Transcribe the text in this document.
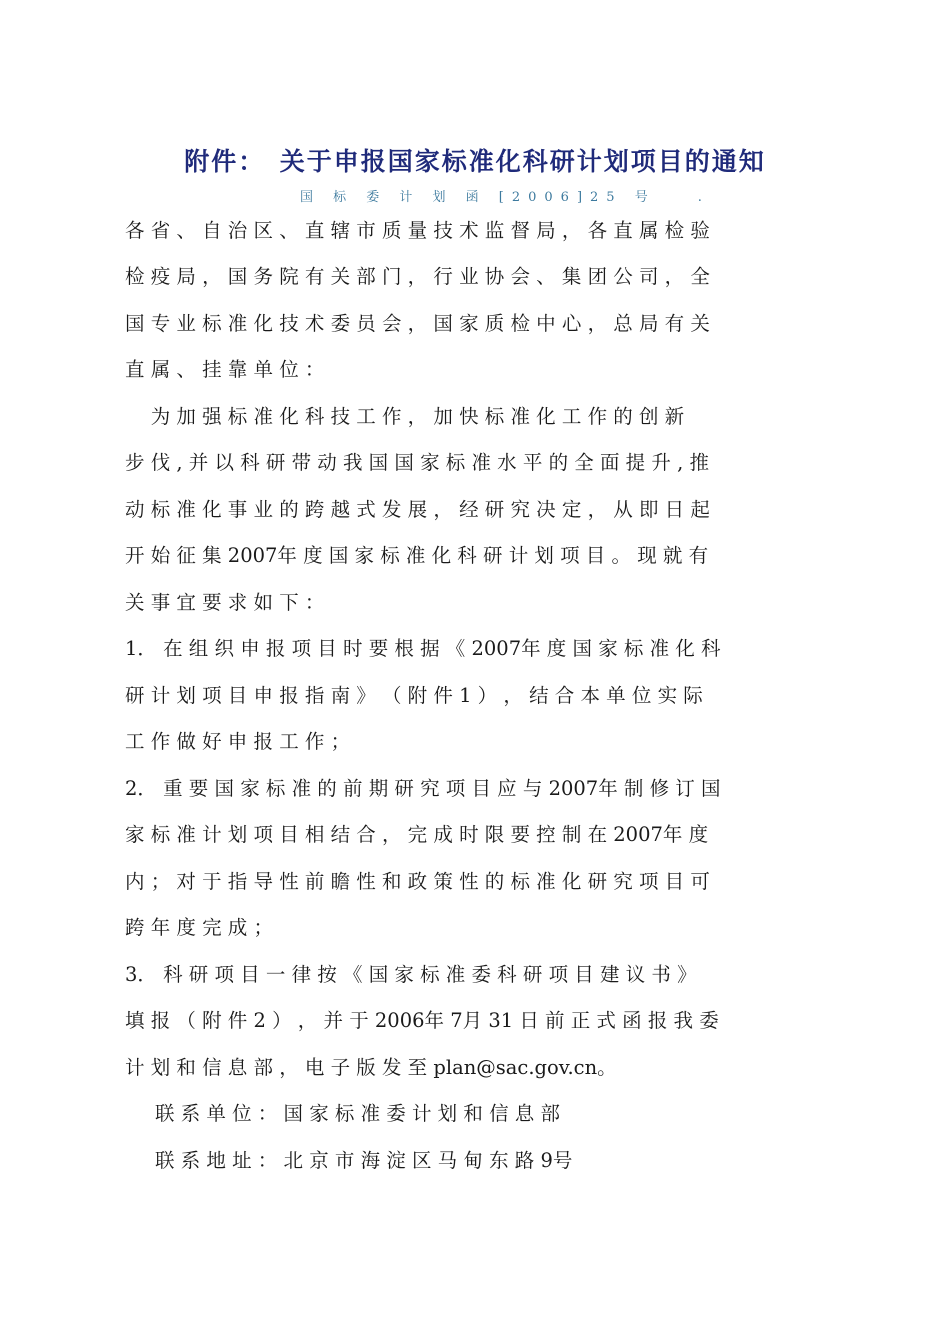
附件：　关于申报国家标准化科研计划项目的通知
国 标 委 计 划 函 [2006]25 号　　.
各 省 、 自 治 区 、 直 辖 市 质 量 技 术 监 督 局 ， 各 直 属 检 验
检 疫 局 ， 国 务 院 有 关 部 门 ， 行 业 协 会 、 集 团 公 司 ， 全
国 专 业 标 准 化 技 术 委 员 会 ， 国 家 质 检 中 心 ， 总 局 有 关
直 属 、 挂 靠 单 位 ：
　 为 加 强 标 准 化 科 技 工 作 ， 加 快 标 准 化 工 作 的 创 新
步 伐 , 并 以 科 研 带 动 我 国 国 家 标 准 水 平 的 全 面 提 升 , 推
动 标 准 化 事 业 的 跨 越 式 发 展 ， 经 研 究 决 定 ， 从 即 日 起
开 始 征 集 2007年 度 国 家 标 准 化 科 研 计 划 项 目 。 现 就 有
关 事 宜 要 求 如 下 ：
1． 在 组 织 申 报 项 目 时 要 根 据 《 2007年 度 国 家 标 准 化 科
研 计 划 项 目 申 报 指 南 》 （ 附 件 1 ） ， 结 合 本 单 位 实 际
工 作 做 好 申 报 工 作 ；
2． 重 要 国 家 标 准 的 前 期 研 究 项 目 应 与 2007年 制 修 订 国
家 标 准 计 划 项 目 相 结 合 ， 完 成 时 限 要 控 制 在 2007年 度
内 ； 对 于 指 导 性 前 瞻 性 和 政 策 性 的 标 准 化 研 究 项 目 可
跨 年 度 完 成 ；
3． 科 研 项 目 一 律 按 《 国 家 标 准 委 科 研 项 目 建 议 书 》
填 报 （ 附 件 2 ） ， 并 于 2006年 7月 31 日 前 正 式 函 报 我 委
计 划 和 信 息 部 ， 电 子 版 发 至 plan@sac.gov.cn。
联 系 单 位 ： 国 家 标 准 委 计 划 和 信 息 部
联 系 地 址 ： 北 京 市 海 淀 区 马 甸 东 路 9号
